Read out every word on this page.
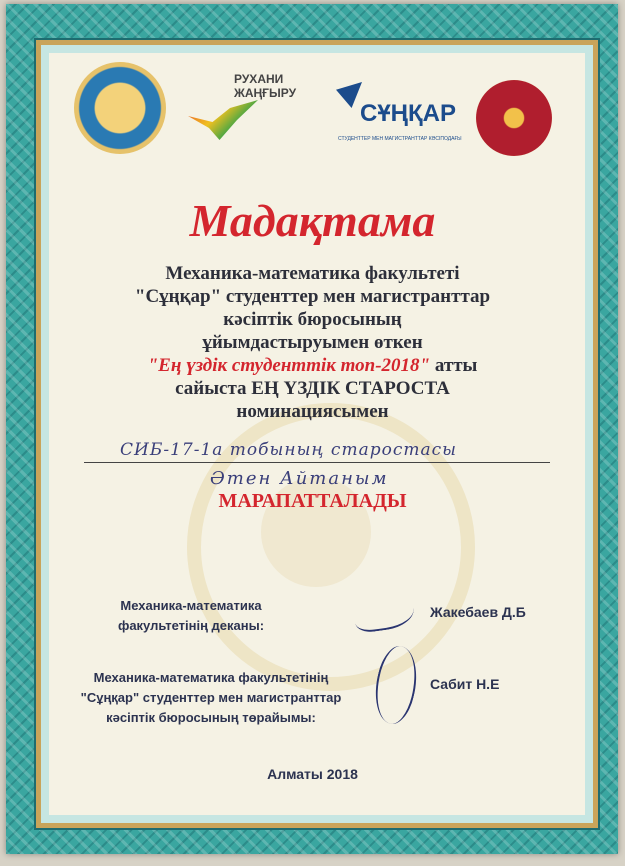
РУХАНИ
ЖАҢҒЫРУ
СҰҢҚАР
СТУДЕНТТЕР МЕН МАГИСТРАНТТАР КӘСІПОДАҒЫ
Мадақтама
Механика-математика факультеті
"Сұңқар" студенттер мен магистранттар
кәсіптік бюросының
ұйымдастыруымен өткен
"Ең үздік студенттік топ-2018" атты
сайыста ЕҢ ҮЗДІК СТАРОСТА
номинациясымен
СИБ-17-1а тобының старостасы
Әтен Айтаным
МАРАПАТТАЛАДЫ
Механика-математика
факультетінің деканы:
Жакебаев Д.Б
Механика-математика факультетінің
"Сұңқар" студенттер мен магистранттар
кәсіптік бюросының төрайымы:
Сабит Н.Е
Алматы 2018
